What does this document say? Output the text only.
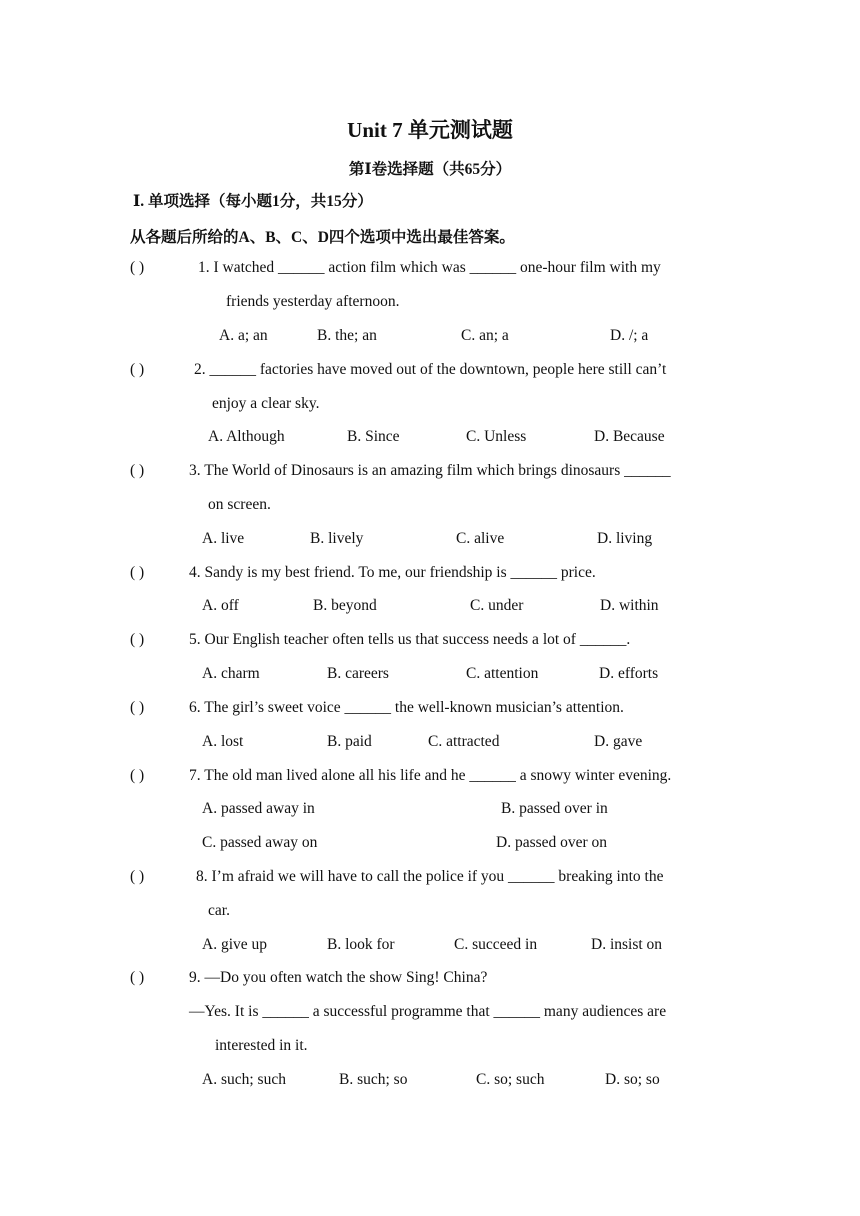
Unit 7 单元测试题
第Ⅰ卷选择题（共65分）
Ⅰ. 单项选择（每小题1分，共15分）
从各题后所给的A、B、C、D四个选项中选出最佳答案。
( )	1. I watched ______ action film which was ______ one-hour film with my
friends yesterday afternoon.
A. a; an	B. the; an	C. an; a	D. /; a
( )	2. ______ factories have moved out of the downtown, people here still can’t
enjoy a clear sky.
A. Although	B. Since	C. Unless	D. Because
( )	3. The World of Dinosaurs is an amazing film which brings dinosaurs ______
on screen.
A. live	B. lively	C. alive	D. living
( )	4. Sandy is my best friend. To me, our friendship is ______ price.
A. off	B. beyond	C. under	D. within
( )	5. Our English teacher often tells us that success needs a lot of ______.
A. charm	B. careers	C. attention	D. efforts
( )	6. The girl’s sweet voice ______ the well-known musician’s attention.
A. lost	B. paid	C. attracted	D. gave
( )	7. The old man lived alone all his life and he ______ a snowy winter evening.
A. passed away in	B. passed over in
C. passed away on	D. passed over on
( )	8. I’m afraid we will have to call the police if you ______ breaking into the
car.
A. give up	B. look for	C. succeed in	D. insist on
( )	9. —Do you often watch the show Sing! China?
—Yes. It is ______ a successful programme that ______ many audiences are
interested in it.
A. such; such	B. such; so	C. so; such	D. so; so
